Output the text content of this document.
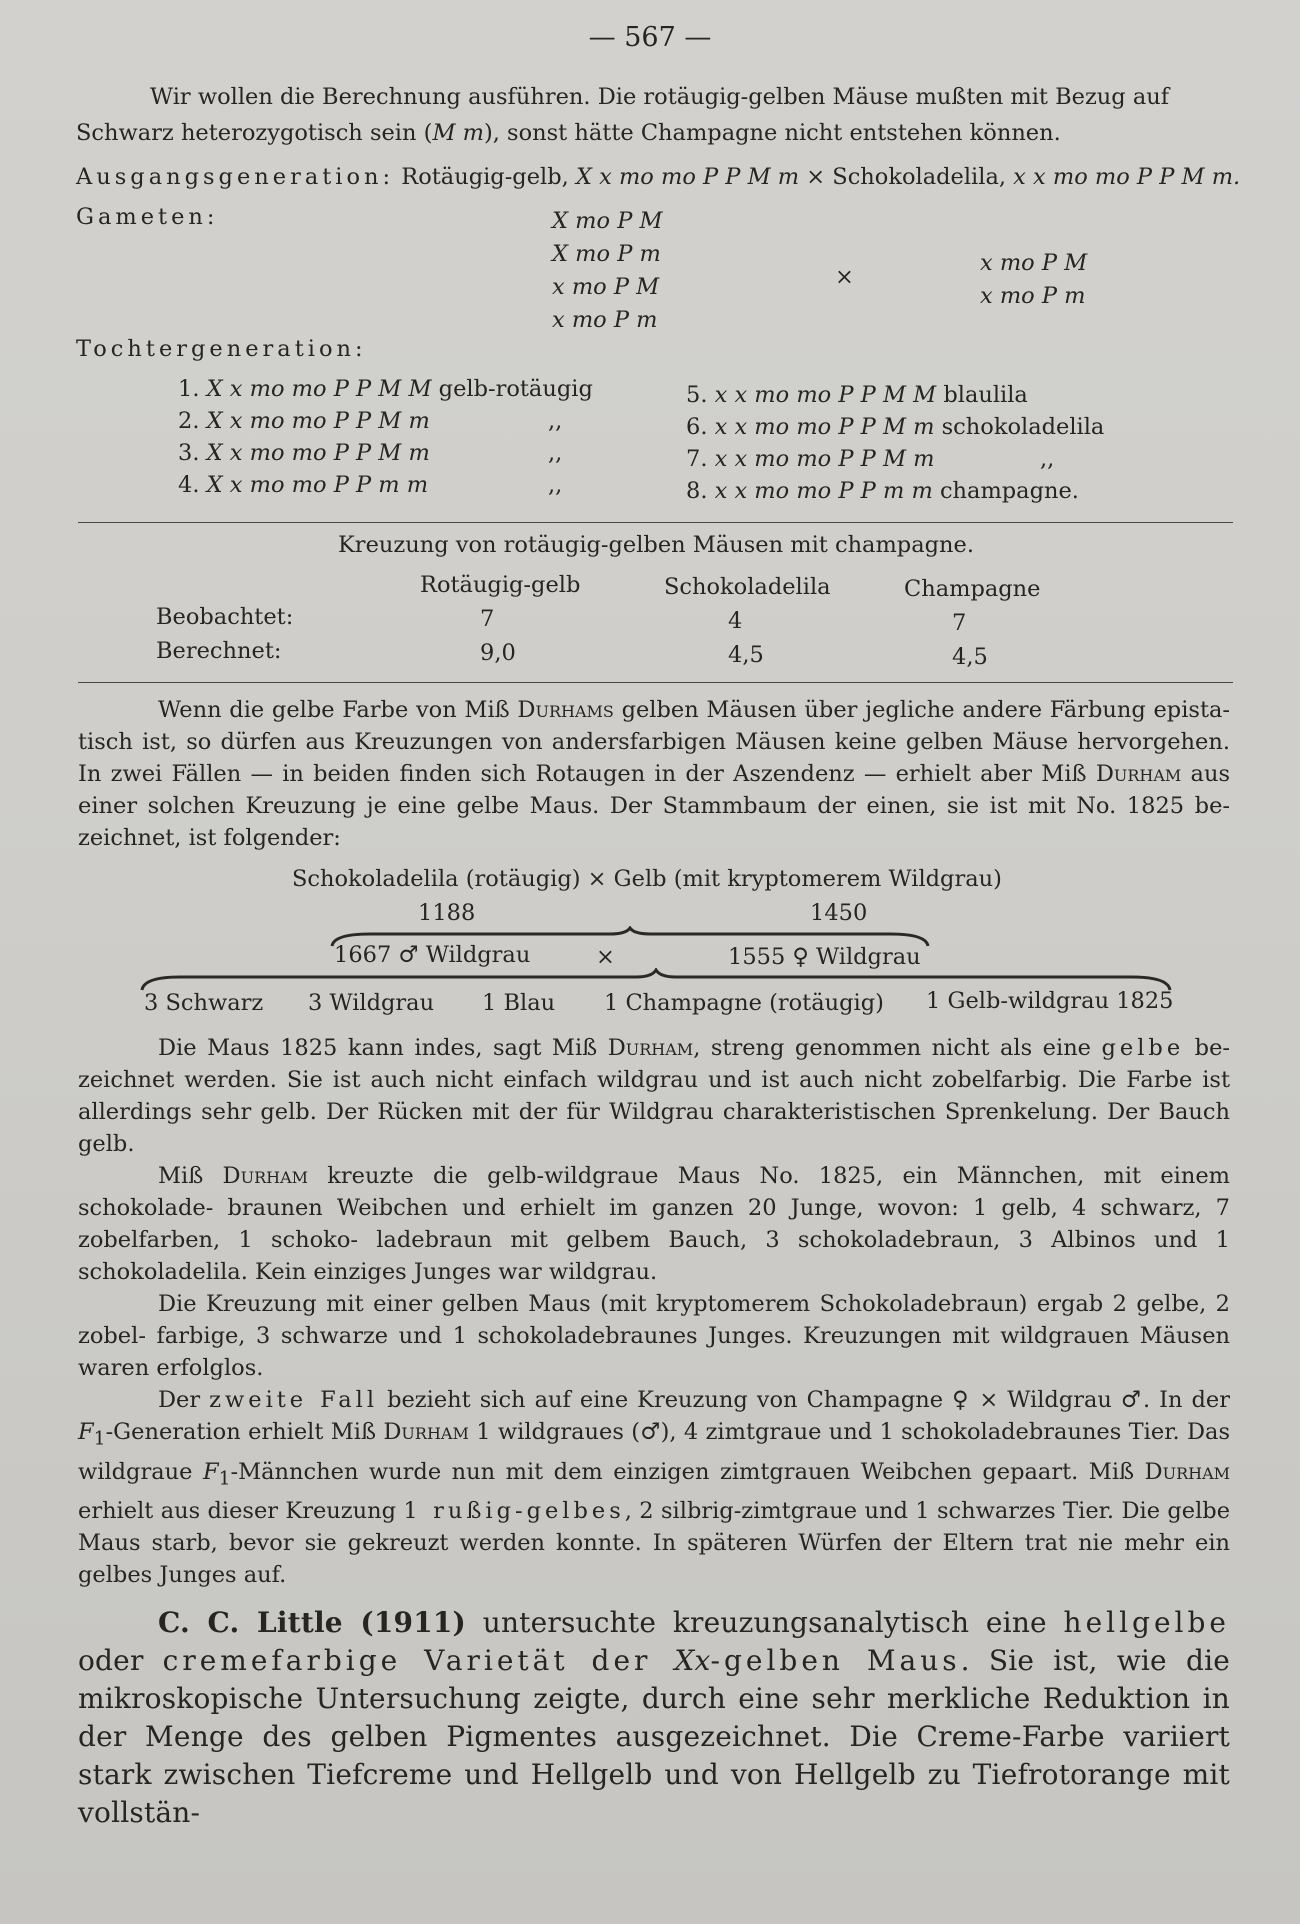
— 567 —
Wir wollen die Berechnung ausführen. Die rotäugig-gelben Mäuse mußten mit Bezug auf
Schwarz heterozygotisch sein (M m), sonst hätte Champagne nicht entstehen können.
Ausgangsgeneration: Rotäugig-gelb, X x mo mo P P M m × Schokoladelila, x x mo mo P P M m.
Gameten:	X mo P M
X mo P m
x mo P M
x mo P m
×
x mo P M
x mo P m
Tochtergeneration:
1. X x mo mo P P M M gelb-rotäugig
2. X x mo mo P P M m
3. X x mo mo P P M m
4. X x mo mo P P m m
,,
,,
,,
5. x x mo mo P P M M blaulila
6. x x mo mo P P M m schokoladelila
7. x x mo mo P P M m	,,
8. x x mo mo P P m m champagne.
Kreuzung von rotäugig-gelben Mäusen mit champagne.
Rotäugig-gelb	Schokoladelila	Champagne
Beobachtet:	7	4	7
Berechnet:	9,0	4,5	4,5
Wenn die gelbe Farbe von Miß Durhams gelben Mäusen über jegliche andere Färbung epista- tisch ist, so dürfen aus Kreuzungen von andersfarbigen Mäusen keine gelben Mäuse hervorgehen. In zwei Fällen — in beiden finden sich Rotaugen in der Aszendenz — erhielt aber Miß Durham aus einer solchen Kreuzung je eine gelbe Maus. Der Stammbaum der einen, sie ist mit No. 1825 be- zeichnet, ist folgender:
Schokoladelila (rotäugig) × Gelb (mit kryptomerem Wildgrau)
1188	1450
1667 ♂ Wildgrau	×	1555 ♀ Wildgrau
3 Schwarz 3 Wildgrau 1 Blau 1 Champagne (rotäugig) 1 Gelb-wildgrau 1825
Die Maus 1825 kann indes, sagt Miß Durham, streng genommen nicht als eine gelbe be- zeichnet werden. Sie ist auch nicht einfach wildgrau und ist auch nicht zobelfarbig. Die Farbe ist allerdings sehr gelb. Der Rücken mit der für Wildgrau charakteristischen Sprenkelung. Der Bauch gelb.
Miß Durham kreuzte die gelb-wildgraue Maus No. 1825, ein Männchen, mit einem schokolade- braunen Weibchen und erhielt im ganzen 20 Junge, wovon: 1 gelb, 4 schwarz, 7 zobelfarben, 1 schoko- ladebraun mit gelbem Bauch, 3 schokoladebraun, 3 Albinos und 1 schokoladelila. Kein einziges Junges war wildgrau.
Die Kreuzung mit einer gelben Maus (mit kryptomerem Schokoladebraun) ergab 2 gelbe, 2 zobel- farbige, 3 schwarze und 1 schokoladebraunes Junges. Kreuzungen mit wildgrauen Mäusen waren erfolglos.
Der zweite Fall bezieht sich auf eine Kreuzung von Champagne ♀ × Wildgrau ♂. In der $F_1$-Generation erhielt Miß Durham 1 wildgraues (♂), 4 zimtgraue und 1 schokoladebraunes Tier. Das wildgraue $F_1$-Männchen wurde nun mit dem einzigen zimtgrauen Weibchen gepaart. Miß Durham erhielt aus dieser Kreuzung 1 rußig-gelbes, 2 silbrig-zimtgraue und 1 schwarzes Tier. Die gelbe Maus starb, bevor sie gekreuzt werden konnte. In späteren Würfen der Eltern trat nie mehr ein gelbes Junges auf.
C. C. Little (1911) untersuchte kreuzungsanalytisch eine hellgelbe oder cremefarbige Varietät der Xx-gelben Maus. Sie ist, wie die mikroskopische Untersuchung zeigte, durch eine sehr merkliche Reduktion in der Menge des gelben Pigmentes ausgezeichnet. Die Creme-Farbe variiert stark zwischen Tiefcreme und Hellgelb und von Hellgelb zu Tiefrotorange mit vollstän-
